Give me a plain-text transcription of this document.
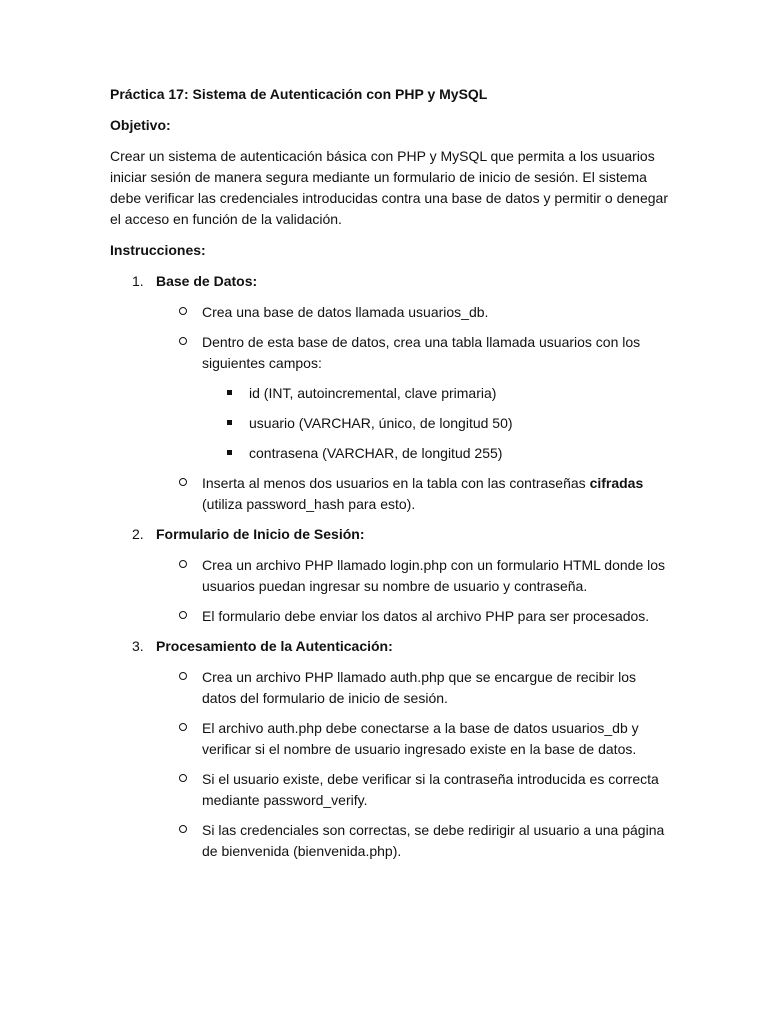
Práctica 17: Sistema de Autenticación con PHP y MySQL

Objetivo:

Crear un sistema de autenticación básica con PHP y MySQL que permita a los usuarios iniciar sesión de manera segura mediante un formulario de inicio de sesión. El sistema debe verificar las credenciales introducidas contra una base de datos y permitir o denegar el acceso en función de la validación.

Instrucciones:

1. Base de Datos:

Crea una base de datos llamada usuarios_db.

Dentro de esta base de datos, crea una tabla llamada usuarios con los siguientes campos:

id (INT, autoincremental, clave primaria)

usuario (VARCHAR, único, de longitud 50)

contrasena (VARCHAR, de longitud 255)

Inserta al menos dos usuarios en la tabla con las contraseñas cifradas (utiliza password_hash para esto).

2. Formulario de Inicio de Sesión:

Crea un archivo PHP llamado login.php con un formulario HTML donde los usuarios puedan ingresar su nombre de usuario y contraseña.

El formulario debe enviar los datos al archivo PHP para ser procesados.

3. Procesamiento de la Autenticación:

Crea un archivo PHP llamado auth.php que se encargue de recibir los datos del formulario de inicio de sesión.

El archivo auth.php debe conectarse a la base de datos usuarios_db y verificar si el nombre de usuario ingresado existe en la base de datos.

Si el usuario existe, debe verificar si la contraseña introducida es correcta mediante password_verify.

Si las credenciales son correctas, se debe redirigir al usuario a una página de bienvenida (bienvenida.php).
